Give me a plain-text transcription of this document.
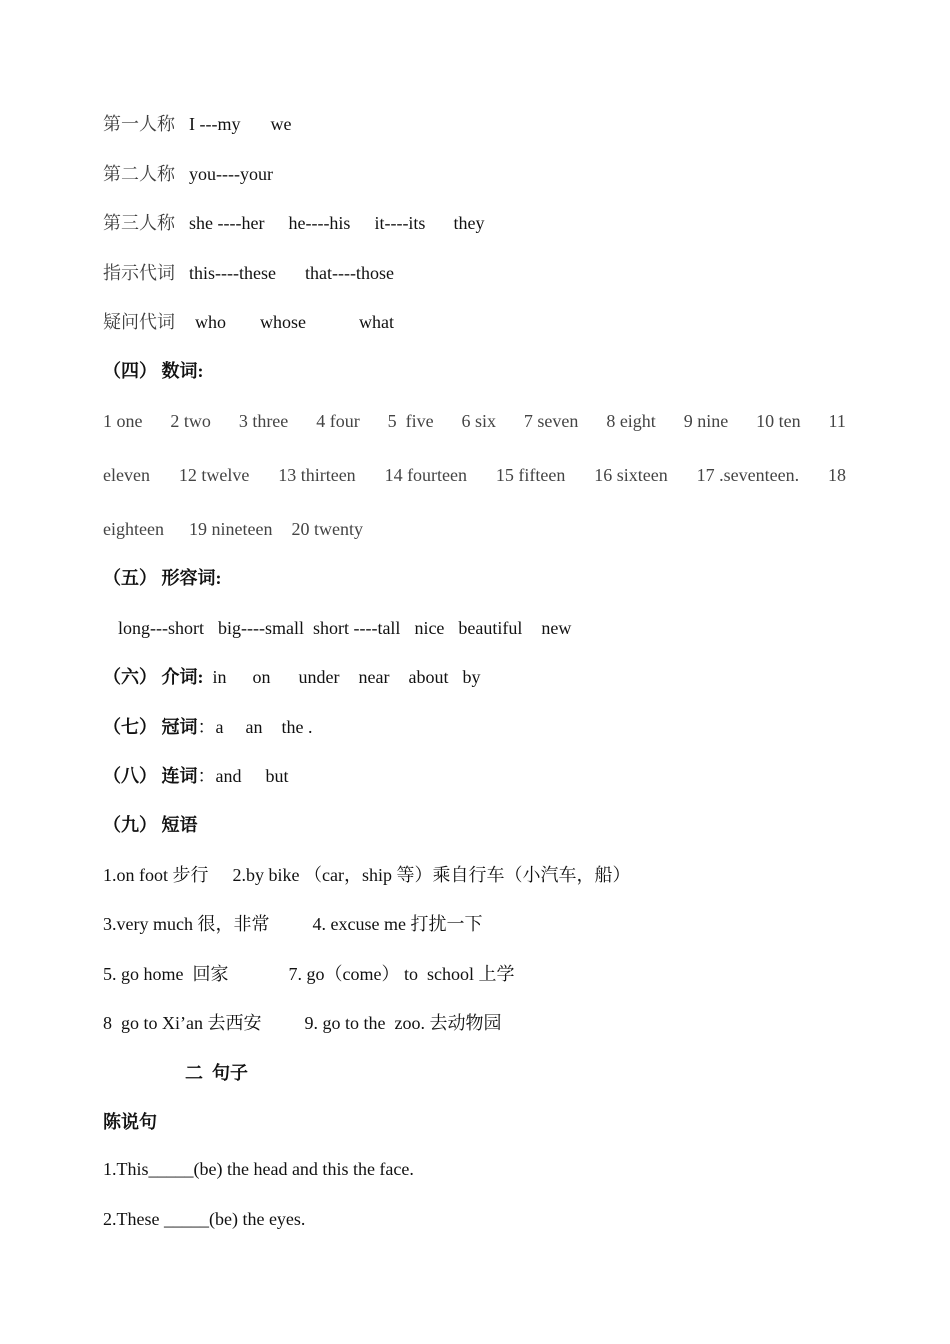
第一人称 I ---my we
第二人称 you----your
第三人称 she ----her he----his it----its they
指示代词 this----these that----those
疑问代词 who whose	what
（四） 数词:
1 one 2 two 3 three 4 four 5  five 6 six 7 seven 8 eight 9 nine 10 ten 11
eleven 12 twelve 13 thirteen 14 fourteen 15 fifteen 16 sixteen 17 .seventeen. 18
eighteen 19 nineteen 20 twenty
（五） 形容词:
long---short big----small short ----tall nice beautiful new
（六） 介词: in on under near about by
（七） 冠词：a an the .
（八） 连词：and but
（九） 短语
1.on foot 步行 2.by bike （car，ship 等）乘自行车（小汽车，船）
3.very much 很，非常 4. excuse me 打扰一下
5. go home  回家	7. go（come） to  school 上学
8  go to Xi’an 去西安 9. go to the  zoo. 去动物园
二  句子
陈说句
1.This_____(be) the head and this the face.
2.These _____(be) the eyes.
